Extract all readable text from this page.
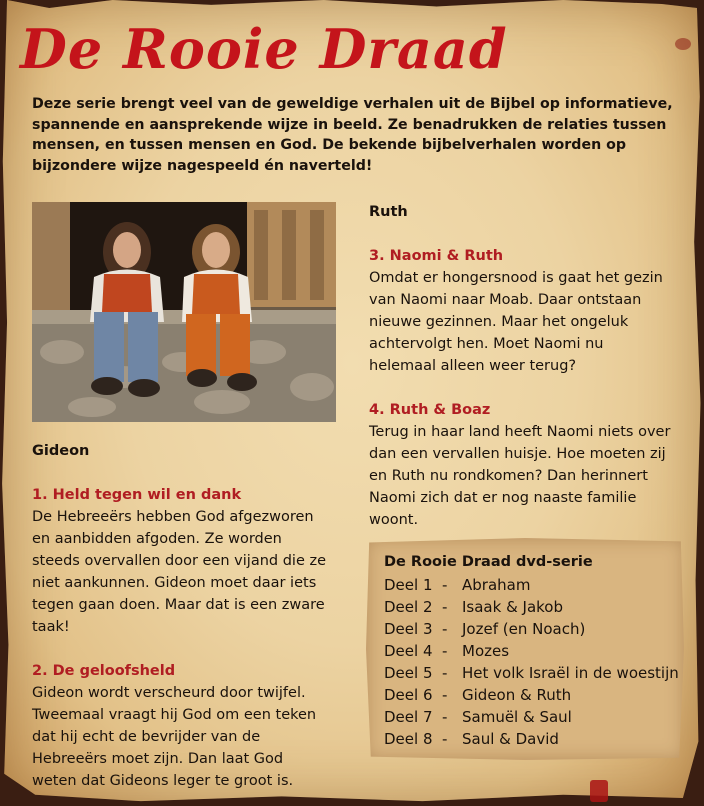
De Rooie Draad

Deze serie brengt veel van de geweldige verhalen uit de Bijbel op informatieve, spannende en aansprekende wijze in beeld. Ze benadrukken de relaties tussen mensen, en tussen mensen en God. De bekende bijbelverhalen worden op bijzondere wijze nagespeeld én naverteld!

Gideon

1. Held tegen wil en dank

De Hebreeërs hebben God afgezworen en aanbidden afgoden. Ze worden steeds overvallen door een vijand die ze niet aankunnen. Gideon moet daar iets tegen gaan doen. Maar dat is een zware taak!

2. De geloofsheld

Gideon wordt verscheurd door twijfel. Tweemaal vraagt hij God om een teken dat hij echt de bevrijder van de Hebreeërs moet zijn. Dan laat God weten dat Gideons leger te groot is.

Ruth

3. Naomi & Ruth

Omdat er hongersnood is gaat het gezin van Naomi naar Moab. Daar ontstaan nieuwe gezinnen. Maar het ongeluk achtervolgt hen. Moet Naomi nu helemaal alleen weer terug?

4. Ruth & Boaz

Terug in haar land heeft Naomi niets over dan een vervallen huisje. Hoe moeten zij en Ruth nu rondkomen? Dan herinnert Naomi zich dat er nog naaste familie woont.

De Rooie Draad dvd-serie

Deel 1 - Abraham
Deel 2 - Isaak & Jakob
Deel 3 - Jozef (en Noach)
Deel 4 - Mozes
Deel 5 - Het volk Israël in de woestijn
Deel 6 - Gideon & Ruth
Deel 7 - Samuël & Saul
Deel 8 - Saul & David
